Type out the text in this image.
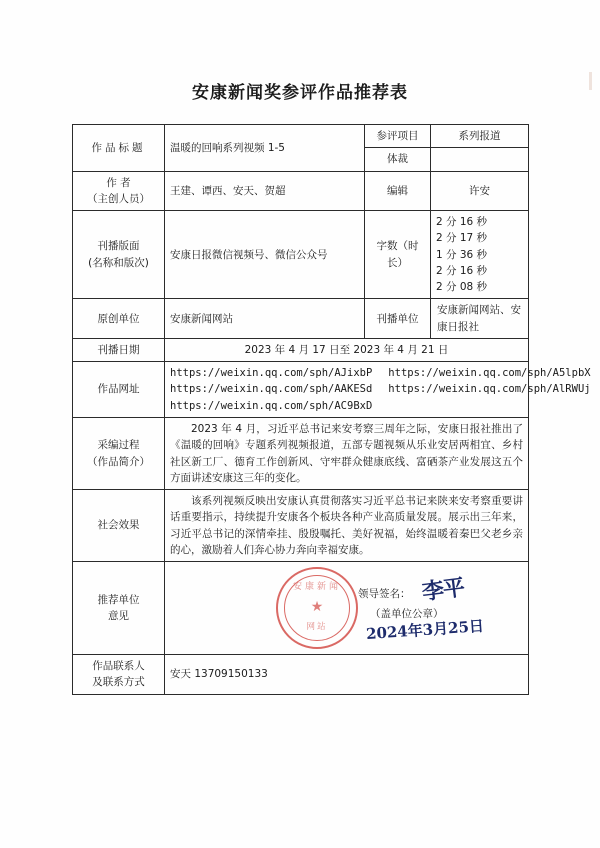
安康新闻奖参评作品推荐表
作品标题	温暖的回响系列视频 1-5	参评项目	系列报道
		体裁	
作 者
（主创人员）	王建、谭西、安天、贺超	编辑	许安
刊播版面
(名称和版次)
	安康日报微信视频号、微信公众号	字数（时长）	
2 分 16 秒
2 分 17 秒
1 分 36 秒
2 分 16 秒
2 分 08 秒

原创单位	安康新闻网站	刊播单位	安康新闻网站、安康日报社
刊播日期	2023 年 4 月 17 日至 2023 年 4 月 21 日		
作品网址	https://weixin.qq.com/sph/AJixbP https://weixin.qq.com/sph/A5lpbX
https://weixin.qq.com/sph/AAKESd https://weixin.qq.com/sph/AlRWUj
https://weixin.qq.com/sph/AC9BxD		

采编过程
（作品简介）	2023 年 4 月，习近平总书记来安考察三周年之际，安康日报社推出了《温暖的回响》专题系列视频报道，五部专题视频从乐业安居两相宜、乡村社区新工厂、德育工作创新风、守牢群众健康底线、富硒茶产业发展这五个方面讲述安康这三年的变化。		

社会效果	该系列视频反映出安康认真贯彻落实习近平总书记来陕来安考察重要讲话重要指示，持续提升安康各个板块各种产业高质量发展。展示出三年来，习近平总书记的深情牵挂、殷殷嘱托、美好祝福，始终温暖着秦巴父老乡亲的心，激励着人们奔心协力奔向幸福安康。		

推荐单位
意见

安康新闻
★
网站
领导签名：
（盖单位公章）
李平
2024年3月25日

作品联系人
及联系方式	安天 13709150133		
